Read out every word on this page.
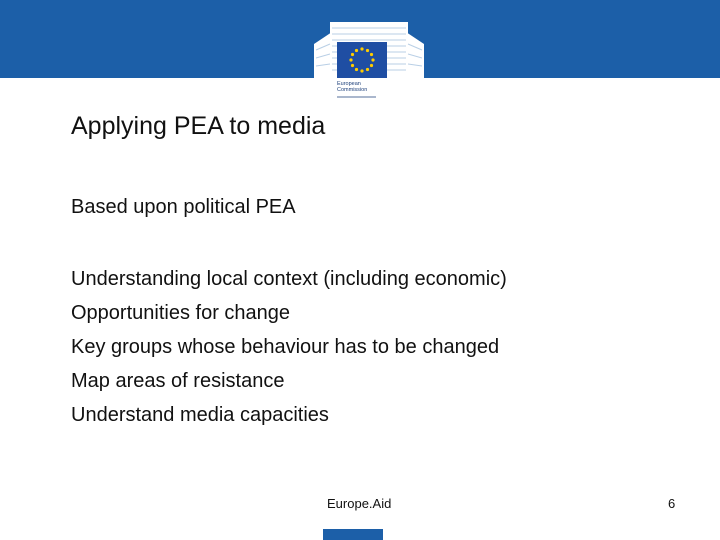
European
Commission
Applying PEA to media
Based upon political PEA
Understanding local context (including economic)
Opportunities for change
Key groups whose behaviour has to be changed
Map areas of resistance
Understand media capacities
Europe.Aid	6
